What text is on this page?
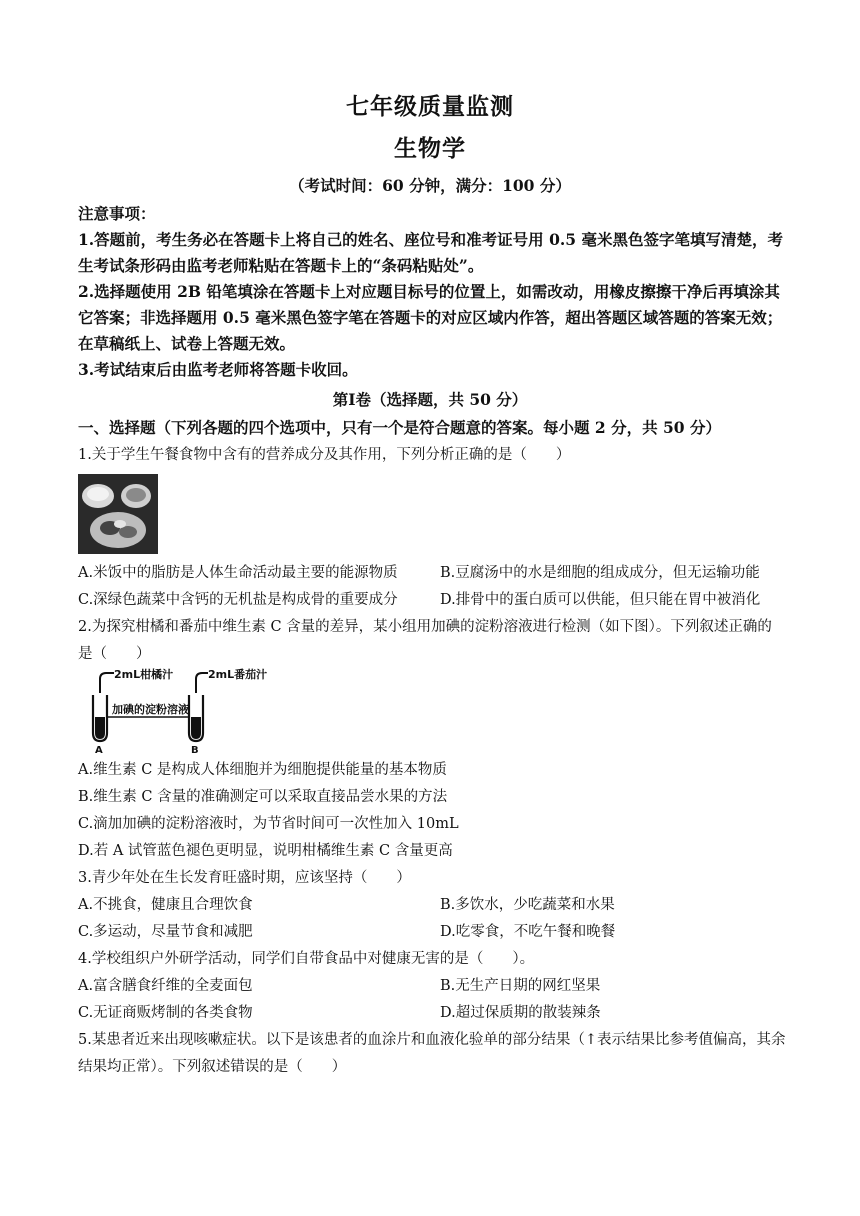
七年级质量监测
生物学
（考试时间：60 分钟，满分：100 分）

注意事项：

1.答题前，考生务必在答题卡上将自己的姓名、座位号和准考证号用 0.5 毫米黑色签字笔填写清楚，考生考试条形码由监考老师粘贴在答题卡上的“条码粘贴处”。

2.选择题使用 2B 铅笔填涂在答题卡上对应题目标号的位置上，如需改动，用橡皮擦擦干净后再填涂其它答案；非选择题用 0.5 毫米黑色签字笔在答题卡的对应区域内作答，超出答题区域答题的答案无效；在草稿纸上、试卷上答题无效。

3.考试结束后由监考老师将答题卡收回。

第Ⅰ卷（选择题，共 50 分）
一、选择题（下列各题的四个选项中，只有一个是符合题意的答案。每小题 2 分，共 50 分）
1.关于学生午餐食物中含有的营养成分及其作用，下列分析正确的是（　　）
A.米饭中的脂肪是人体生命活动最主要的能源物质	B.豆腐汤中的水是细胞的组成成分，但无运输功能
C.深绿色蔬菜中含钙的无机盐是构成骨的重要成分	D.排骨中的蛋白质可以供能，但只能在胃中被消化
2.为探究柑橘和番茄中维生素 C 含量的差异，某小组用加碘的淀粉溶液进行检测（如下图）。下列叙述正确的是（　　）
2mL柑橘汁	2mL番茄汁
加碘的淀粉溶液
A	B
A.维生素 C 是构成人体细胞并为细胞提供能量的基本物质
B.维生素 C 含量的准确测定可以采取直接品尝水果的方法
C.滴加加碘的淀粉溶液时，为节省时间可一次性加入 10mL
D.若 A 试管蓝色褪色更明显，说明柑橘维生素 C 含量更高
3.青少年处在生长发育旺盛时期，应该坚持（　　）
A.不挑食，健康且合理饮食	B.多饮水，少吃蔬菜和水果
C.多运动，尽量节食和减肥	D.吃零食，不吃午餐和晚餐
4.学校组织户外研学活动，同学们自带食品中对健康无害的是（　　）。
A.富含膳食纤维的全麦面包	B.无生产日期的网红坚果
C.无证商贩烤制的各类食物	D.超过保质期的散装辣条
5.某患者近来出现咳嗽症状。以下是该患者的血涂片和血液化验单的部分结果（↑表示结果比参考值偏高，其余结果均正常）。下列叙述错误的是（　　）
